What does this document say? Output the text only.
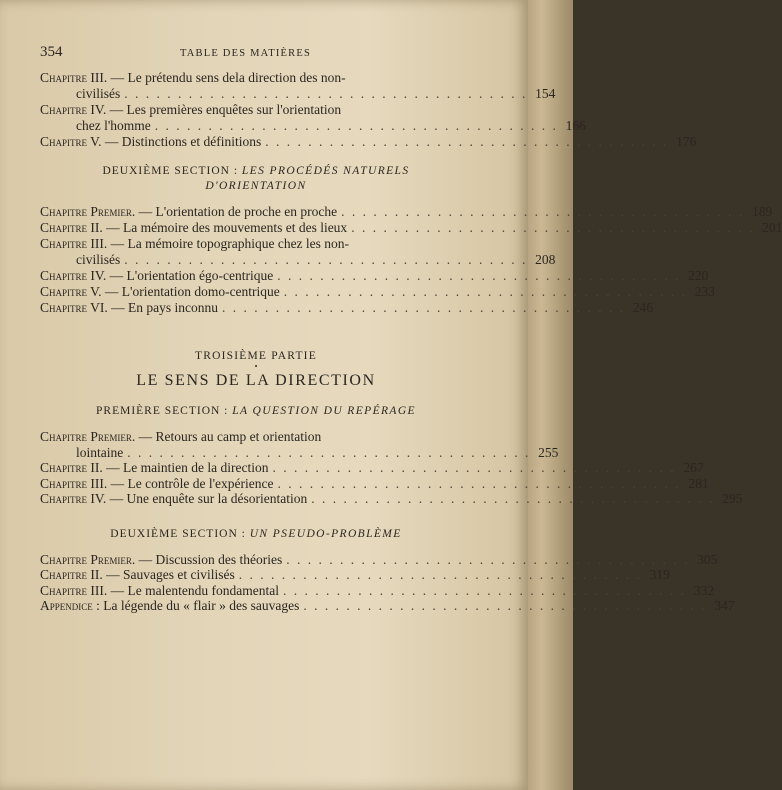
354	TABLE DES MATIÈRES
Chapitre III. — Le prétendu sens dela direction des non-
civilisés . . . . . . . . . . . . . . . . . . . . . . . . . . . . . . . . . . . . . . 154
Chapitre IV. — Les premières enquêtes sur l'orientation
chez l'homme . . . . . . . . . . . . . . . . . . . . . . . . . . . . . . . . . . . . . . 166
Chapitre V. — Distinctions et définitions . . . . . . . . . . . . . . . . . . . . . . . . . . . . . . . . . . . . . . 176
DEUXIÈME SECTION : LES PROCÉDÉS NATURELS
D'ORIENTATION
Chapitre Premier. — L'orientation de proche en proche . . . . . . . . . . . . . . . . . . . . . . . . . . . . . . . . . . . . . . 189
Chapitre II. — La mémoire des mouvements et des lieux . . . . . . . . . . . . . . . . . . . . . . . . . . . . . . . . . . . . . . 201
Chapitre III. — La mémoire topographique chez les non-
civilisés . . . . . . . . . . . . . . . . . . . . . . . . . . . . . . . . . . . . . . 208
Chapitre IV. — L'orientation égo-centrique . . . . . . . . . . . . . . . . . . . . . . . . . . . . . . . . . . . . . . 220
Chapitre V. — L'orientation domo-centrique . . . . . . . . . . . . . . . . . . . . . . . . . . . . . . . . . . . . . . 233
Chapitre VI. — En pays inconnu . . . . . . . . . . . . . . . . . . . . . . . . . . . . . . . . . . . . . . 246
TROISIÈME PARTIE
•
LE SENS DE LA DIRECTION
PREMIÈRE SECTION : LA QUESTION DU REPÉRAGE
Chapitre Premier. — Retours au camp et orientation
lointaine . . . . . . . . . . . . . . . . . . . . . . . . . . . . . . . . . . . . . . 255
Chapitre II. — Le maintien de la direction . . . . . . . . . . . . . . . . . . . . . . . . . . . . . . . . . . . . . . 267
Chapitre III. — Le contrôle de l'expérience . . . . . . . . . . . . . . . . . . . . . . . . . . . . . . . . . . . . . . 281
Chapitre IV. — Une enquête sur la désorientation . . . . . . . . . . . . . . . . . . . . . . . . . . . . . . . . . . . . . . 295
DEUXIÈME SECTION : UN PSEUDO-PROBLÈME
Chapitre Premier. — Discussion des théories . . . . . . . . . . . . . . . . . . . . . . . . . . . . . . . . . . . . . . 305
Chapitre II. — Sauvages et civilisés . . . . . . . . . . . . . . . . . . . . . . . . . . . . . . . . . . . . . . 319
Chapitre III. — Le malentendu fondamental . . . . . . . . . . . . . . . . . . . . . . . . . . . . . . . . . . . . . . 332
Appendice : La légende du « flair » des sauvages . . . . . . . . . . . . . . . . . . . . . . . . . . . . . . . . . . . . . . 347
